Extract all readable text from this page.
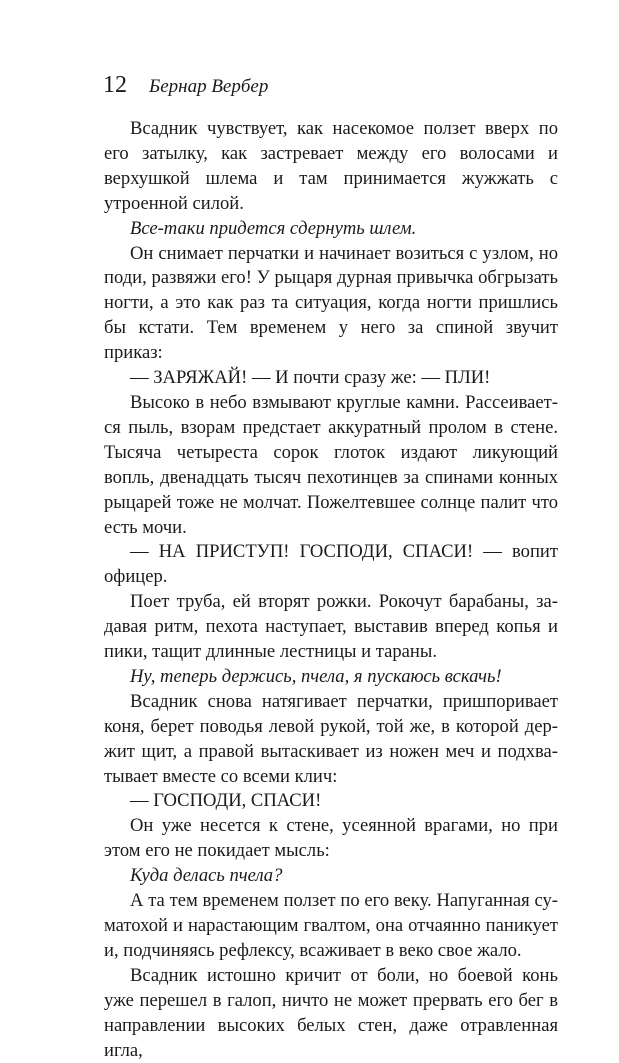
12 Бернар Вербер

Всадник чувствует, как насекомое ползет вверх по его затылку, как застревает между его волосами и верхушкой шлема и там принимается жужжать с утроенной силой.

Все-таки придется сдернуть шлем.

Он снимает перчатки и начинает возиться с узлом, но поди, развяжи его! У рыцаря дурная привычка обгрызать ногти, а это как раз та ситуация, когда ногти пришлись бы кстати. Тем временем у него за спиной звучит приказ:

— ЗАРЯЖАЙ! — И почти сразу же: — ПЛИ!

Высоко в небо взмывают круглые камни. Рассеивается пыль, взорам предстает аккуратный пролом в стене. Тысяча четыреста сорок глоток издают ликующий вопль, двенадцать тысяч пехотинцев за спинами конных рыцарей тоже не молчат. Пожелтевшее солнце палит что есть мочи.

— НА ПРИСТУП! ГОСПОДИ, СПАСИ! — вопит офицер.

Поет труба, ей вторят рожки. Рокочут барабаны, задавая ритм, пехота наступает, выставив вперед копья и пики, тащит длинные лестницы и тараны.

Ну, теперь держись, пчела, я пускаюсь вскачь!

Всадник снова натягивает перчатки, пришпоривает коня, берет поводья левой рукой, той же, в которой держит щит, а правой вытаскивает из ножен меч и подхватывает вместе со всеми клич:

— ГОСПОДИ, СПАСИ!

Он уже несется к стене, усеянной врагами, но при этом его не покидает мысль:

Куда делась пчела?

А та тем временем ползет по его веку. Напуганная суматохой и нарастающим гвалтом, она отчаянно паникует и, подчиняясь рефлексу, всаживает в веко свое жало.

Всадник истошно кричит от боли, но боевой конь уже перешел в галоп, ничто не может прервать его бег в направлении высоких белых стен, даже отравленная игла,
